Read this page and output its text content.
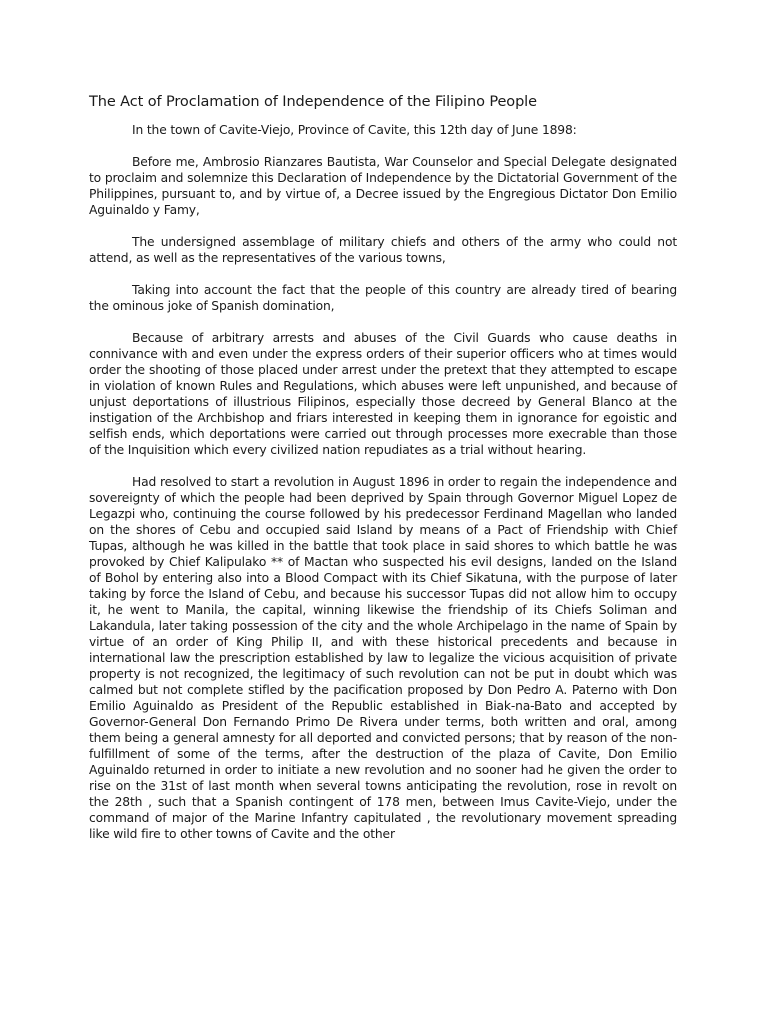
The Act of Proclamation of Independence of the Filipino People

In the town of Cavite-Viejo, Province of Cavite, this 12th day of June 1898:

Before me, Ambrosio Rianzares Bautista, War Counselor and Special Delegate designated to proclaim and solemnize this Declaration of Independence by the Dictatorial Government of the Philippines, pursuant to, and by virtue of, a Decree issued by the Engregious Dictator Don Emilio Aguinaldo y Famy,

The undersigned assemblage of military chiefs and others of the army who could not attend, as well as the representatives of the various towns,

Taking into account the fact that the people of this country are already tired of bearing the ominous joke of Spanish domination,

Because of arbitrary arrests and abuses of the Civil Guards who cause deaths in connivance with and even under the express orders of their superior officers who at times would order the shooting of those placed under arrest under the pretext that they attempted to escape in violation of known Rules and Regulations, which abuses were left unpunished, and because of unjust deportations of illustrious Filipinos, especially those decreed by General Blanco at the instigation of the Archbishop and friars interested in keeping them in ignorance for egoistic and selfish ends, which deportations were carried out through processes more execrable than those of the Inquisition which every civilized nation repudiates as a trial without hearing.

Had resolved to start a revolution in August 1896 in order to regain the independence and sovereignty of which the people had been deprived by Spain through Governor Miguel Lopez de Legazpi who, continuing the course followed by his predecessor Ferdinand Magellan who landed on the shores of Cebu and occupied said Island by means of a Pact of Friendship with Chief Tupas, although he was killed in the battle that took place in said shores to which battle he was provoked by Chief Kalipulako ** of Mactan who suspected his evil designs, landed on the Island of Bohol by entering also into a Blood Compact with its Chief Sikatuna, with the purpose of later taking by force the Island of Cebu, and because his successor Tupas did not allow him to occupy it, he went to Manila, the capital, winning likewise the friendship of its Chiefs Soliman and Lakandula, later taking possession of the city and the whole Archipelago in the name of Spain by virtue of an order of King Philip II, and with these historical precedents and because in international law the prescription established by law to legalize the vicious acquisition of private property is not recognized, the legitimacy of such revolution can not be put in doubt which was calmed but not complete stifled by the pacification proposed by Don Pedro A. Paterno with Don Emilio Aguinaldo as President of the Republic established in Biak-na-Bato and accepted by Governor-General Don Fernando Primo De Rivera under terms, both written and oral, among them being a general amnesty for all deported and convicted persons; that by reason of the non-fulfillment of some of the terms, after the destruction of the plaza of Cavite, Don Emilio Aguinaldo returned in order to initiate a new revolution and no sooner had he given the order to rise on the 31st of last month when several towns anticipating the revolution, rose in revolt on the 28th , such that a Spanish contingent of 178 men, between Imus Cavite-Viejo, under the command of major of the Marine Infantry capitulated , the revolutionary movement spreading like wild fire to other towns of Cavite and the other
